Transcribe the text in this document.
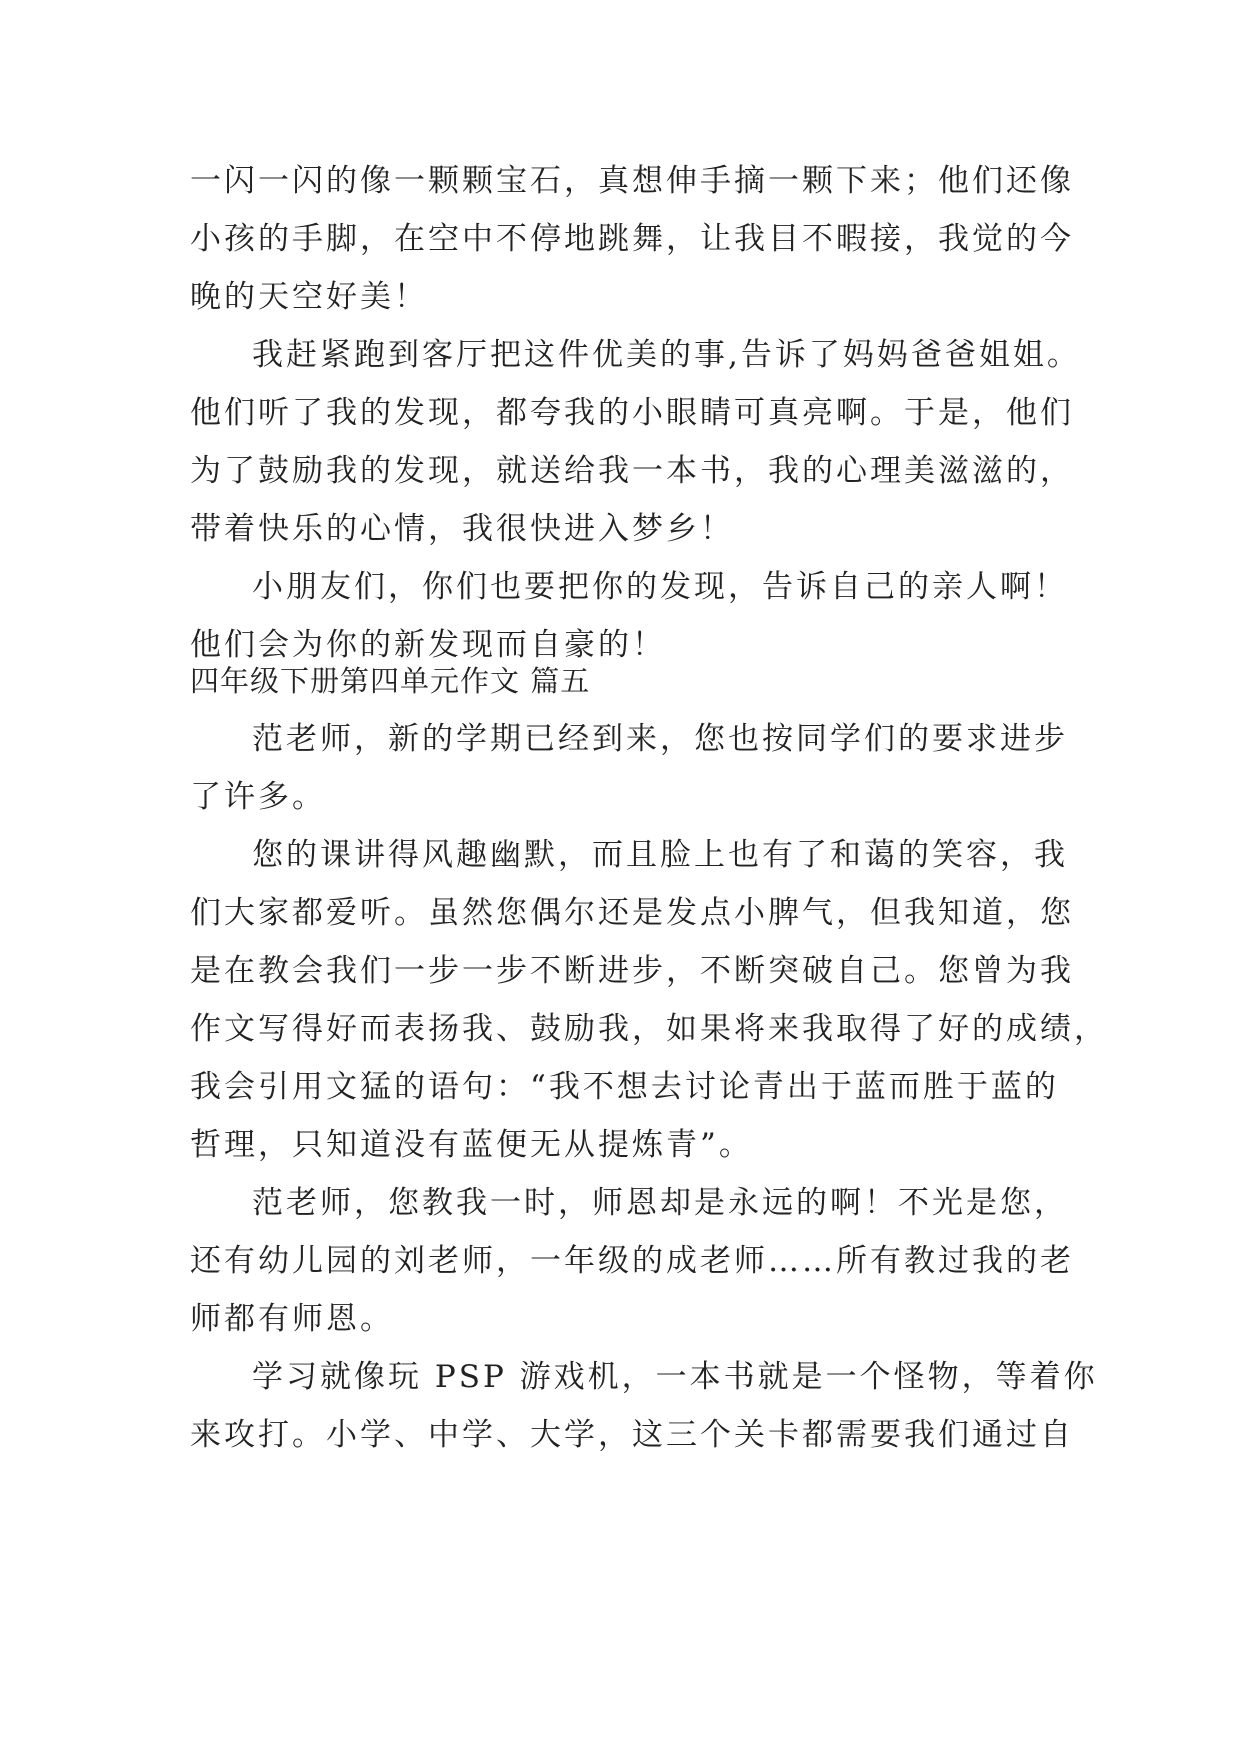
一闪一闪的像一颗颗宝石，真想伸手摘一颗下来；他们还像
小孩的手脚，在空中不停地跳舞，让我目不暇接，我觉的今
晚的天空好美！
我赶紧跑到客厅把这件优美的事,告诉了妈妈爸爸姐姐。
他们听了我的发现，都夸我的小眼睛可真亮啊。于是，他们
为了鼓励我的发现，就送给我一本书，我的心理美滋滋的，
带着快乐的心情，我很快进入梦乡！
小朋友们，你们也要把你的发现，告诉自己的亲人啊！
他们会为你的新发现而自豪的！
四年级下册第四单元作文 篇五
范老师，新的学期已经到来，您也按同学们的要求进步
了许多。
您的课讲得风趣幽默，而且脸上也有了和蔼的笑容，我
们大家都爱听。虽然您偶尔还是发点小脾气，但我知道，您
是在教会我们一步一步不断进步，不断突破自己。您曾为我
作文写得好而表扬我、鼓励我，如果将来我取得了好的成绩，
我会引用文猛的语句：“我不想去讨论青出于蓝而胜于蓝的
哲理，只知道没有蓝便无从提炼青”。
范老师，您教我一时，师恩却是永远的啊！不光是您，
还有幼儿园的刘老师，一年级的成老师……所有教过我的老
师都有师恩。
学习就像玩 PSP 游戏机，一本书就是一个怪物，等着你
来攻打。小学、中学、大学，这三个关卡都需要我们通过自
